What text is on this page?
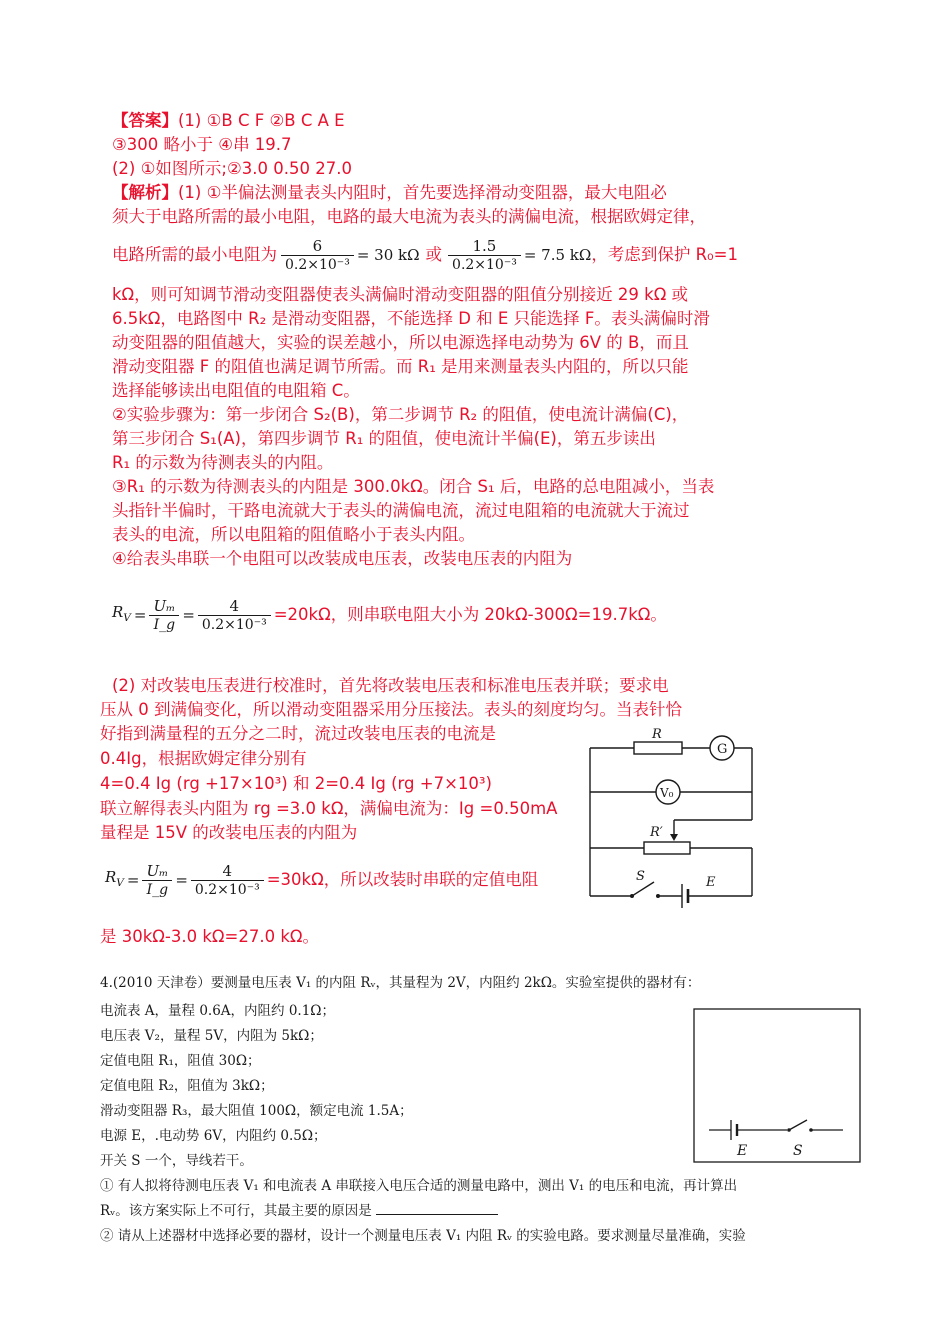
【答案】(1) ①B C F ②B C A E
③300 略小于 ④串 19.7
(2) ①如图所示;②3.0 0.50 27.0
【解析】(1) ①半偏法测量表头内阻时，首先要选择滑动变阻器，最大电阻必
须大于电路所需的最小电阻，电路的最大电流为表头的满偏电流，根据欧姆定律，
电路所需的最小电阻为 $\frac{6}{\text{0.2×10⁻³}} = 30$ kΩ 或 $\frac{1.5}{\text{0.2×10⁻³}} = 7.5$ kΩ ，考虑到保护 R₀=1
kΩ，则可知调节滑动变阻器使表头满偏时滑动变阻器的阻值分别接近 29 kΩ 或
6.5kΩ，电路图中 R₂ 是滑动变阻器，不能选择 D 和 E 只能选择 F。表头满偏时滑
动变阻器的阻值越大，实验的误差越小，所以电源选择电动势为 6V 的 B，而且
滑动变阻器 F 的阻值也满足调节所需。而 R₁ 是用来测量表头内阻的，所以只能
选择能够读出电阻值的电阻箱 C。
②实验步骤为：第一步闭合 S₂(B)，第二步调节 R₂ 的阻值，使电流计满偏(C)，
第三步闭合 S₁(A)，第四步调节 R₁ 的阻值，使电流计半偏(E)，第五步读出
R₁ 的示数为待测表头的内阻。
③R₁ 的示数为待测表头的内阻是 300.0kΩ。闭合 S₁ 后，电路的总电阻减小，当表
头指针半偏时，干路电流就大于表头的满偏电流，流过电阻箱的电流就大于流过
表头的电流，所以电阻箱的阻值略小于表头内阻。
④给表头串联一个电阻可以改装成电压表，改装电压表的内阻为
$R_V = \frac{\text{Uₘ}}{I\_g} = \frac{4}{\text{0.2×10⁻³}} =20k\Omega$，则串联电阻大小为 20kΩ-300Ω=19.7kΩ。
(2) 对改装电压表进行校准时，首先将改装电压表和标准电压表并联；要求电
压从 0 到满偏变化，所以滑动变阻器采用分压接法。表头的刻度均匀。当表针恰
好指到满量程的五分之二时，流过改装电压表的电流是
0.4Ig，根据欧姆定律分别有
4=0.4 Ig (rg +17×10³) 和 2=0.4 Ig (rg +7×10³)
联立解得表头内阻为 rg =3.0 kΩ，满偏电流为：Ig =0.50mA
量程是 15V 的改装电压表的内阻为
$R_V = \frac{\text{Uₘ}}{I\_g} = \frac{4}{\text{0.2×10⁻³}} =30k\Omega$，所以改装时串联的定值电阻
是 30kΩ-3.0 kΩ=27.0 kΩ。
R
G
V₀
R′
S	E
4.(2010 天津卷）要测量电压表 V₁ 的内阻 Rᵥ，其量程为 2V，内阻约 2kΩ。实验室提供的器材有：
电流表 A，量程 0.6A，内阻约 0.1Ω；
电压表 V₂，量程 5V，内阻为 5kΩ；
定值电阻 R₁，阻值 30Ω；
定值电阻 R₂，阻值为 3kΩ；
滑动变阻器 R₃，最大阻值 100Ω，额定电流 1.5A；
电源 E，.电动势 6V，内阻约 0.5Ω；
开关 S 一个，导线若干。
① 有人拟将待测电压表 V₁ 和电流表 A 串联接入电压合适的测量电路中，测出 V₁ 的电压和电流，再计算出
Rᵥ。该方案实际上不可行，其最主要的原因是
② 请从上述器材中选择必要的器材，设计一个测量电压表 V₁ 内阻 Rᵥ 的实验电路。要求测量尽量准确，实验
E	S
